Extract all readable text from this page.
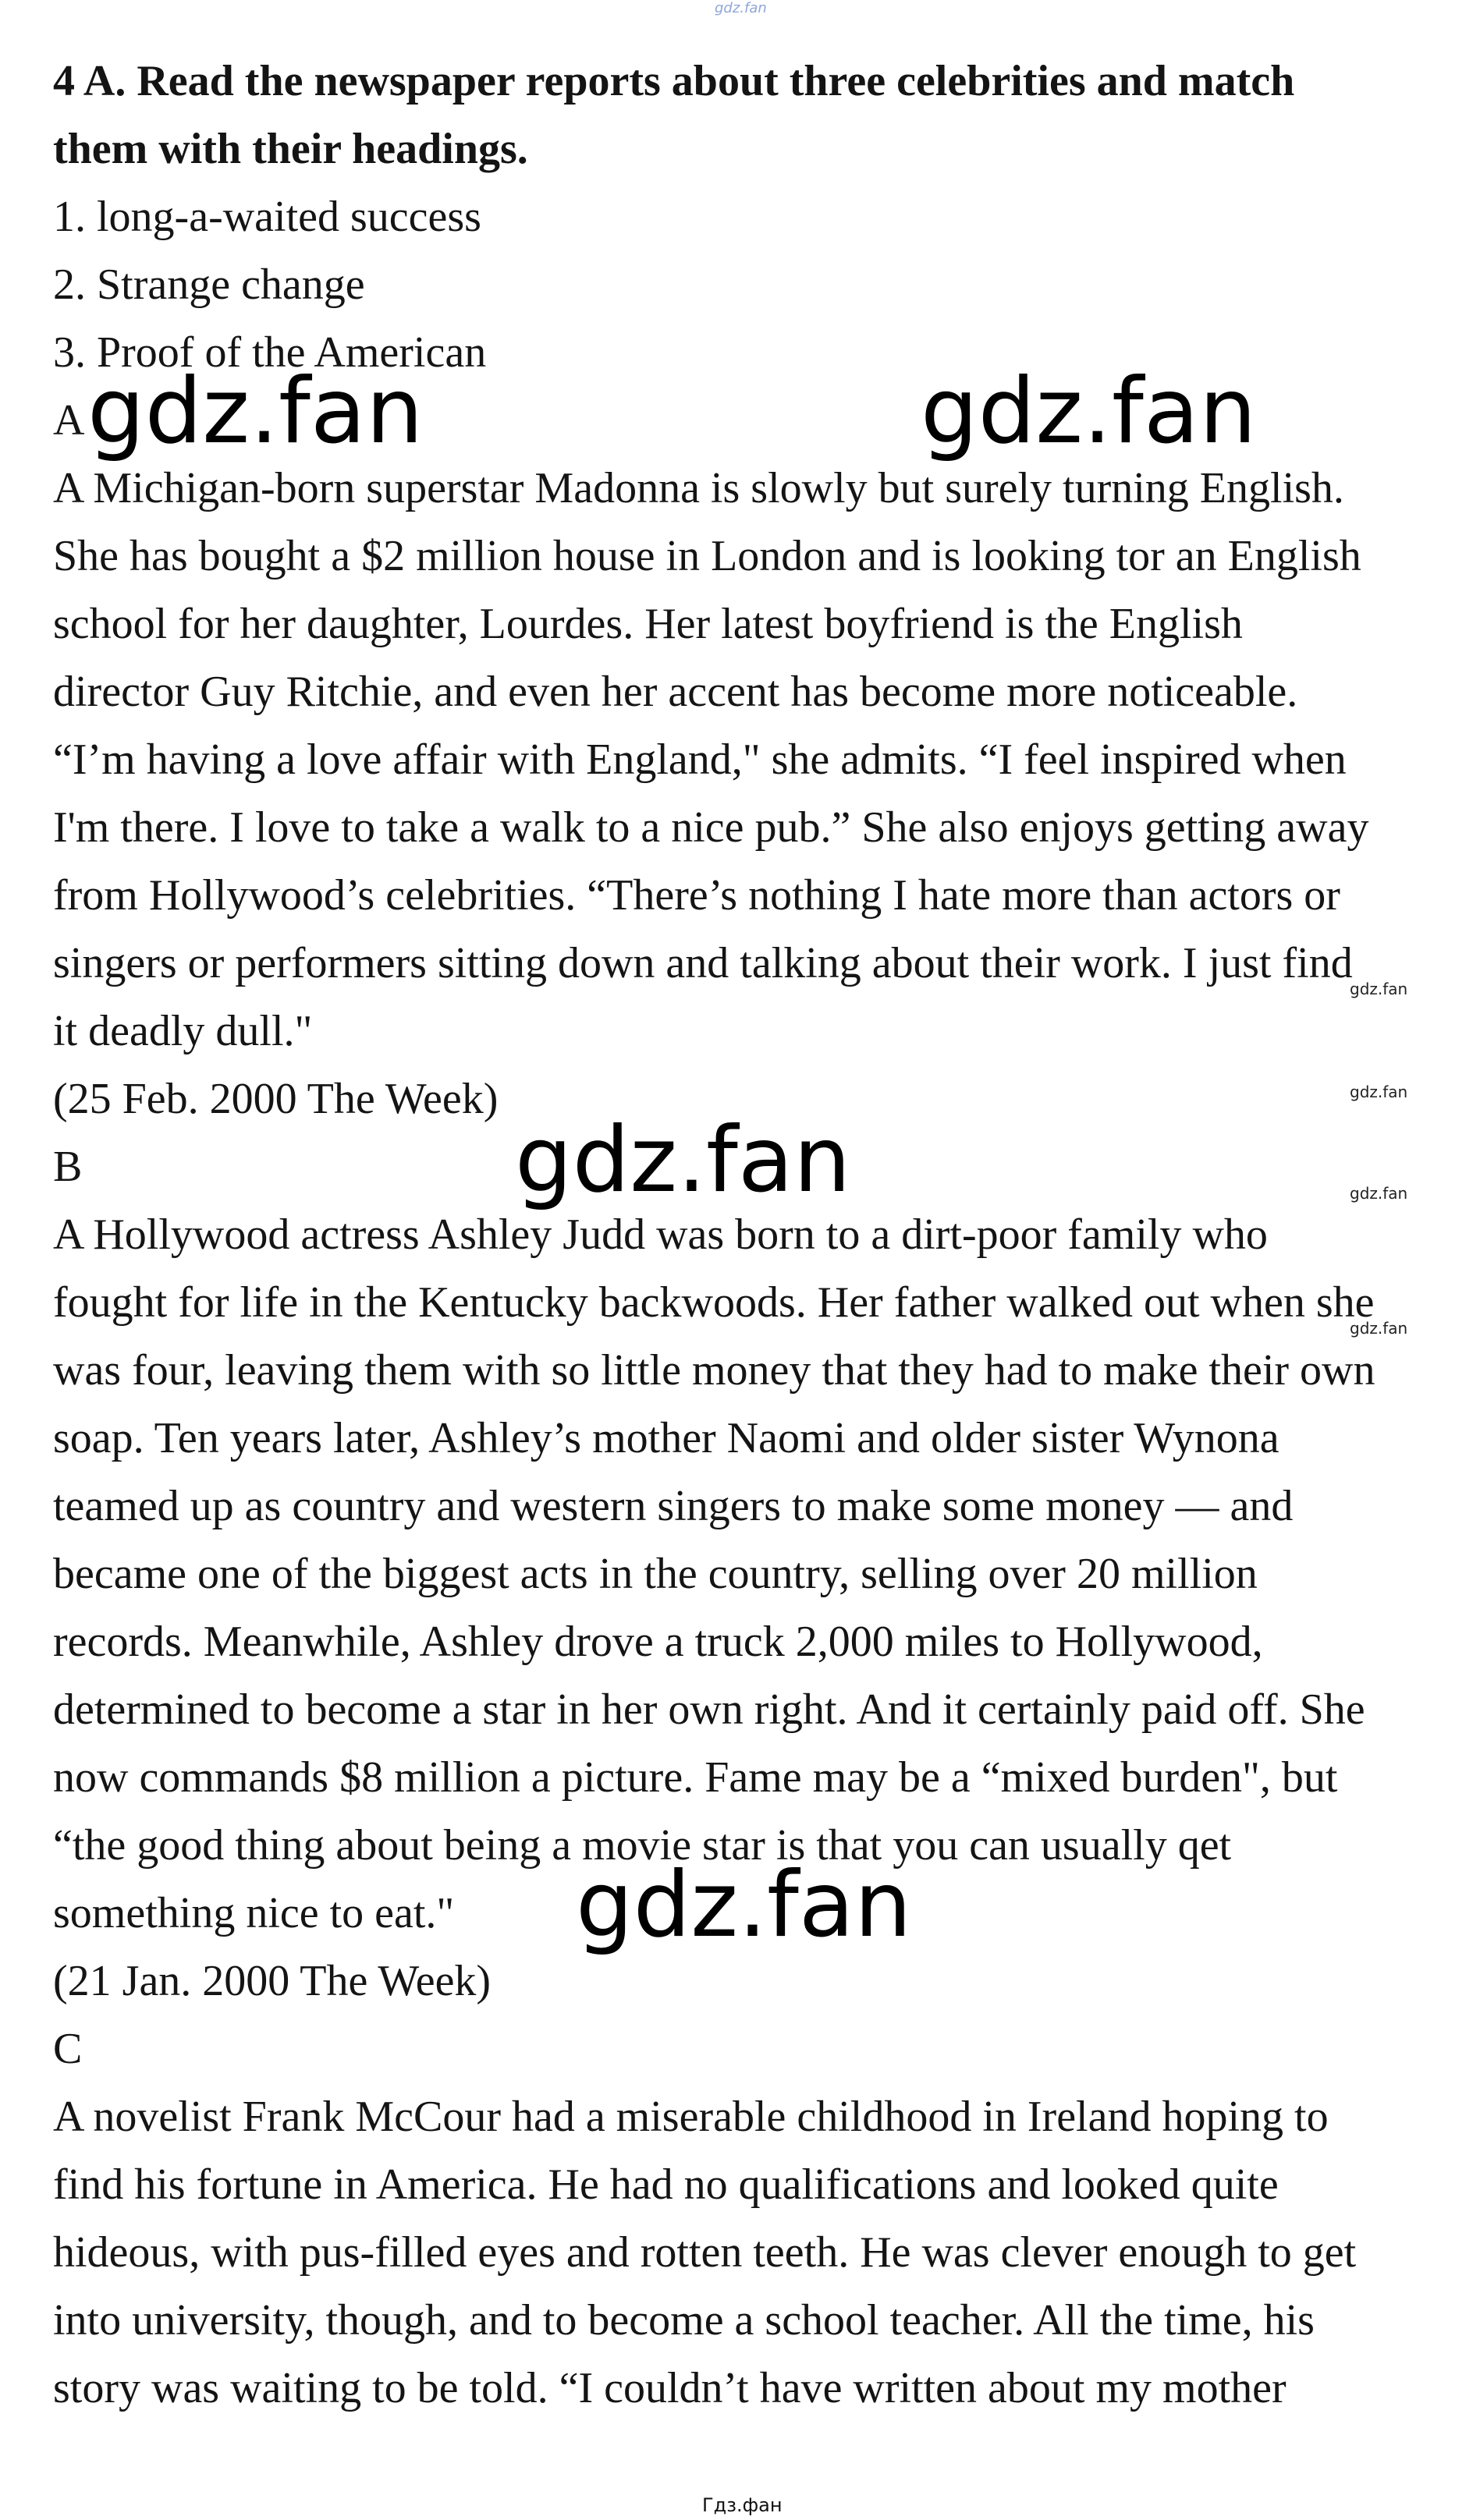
gdz.fan
4 A. Read the newspaper reports about three celebrities and match
them with their headings.
1. long-a-waited success
2. Strange change
3. Proof of the American
A
A Michigan-born superstar Madonna is slowly but surely turning English.
She has bought a $2 million house in London and is looking tor an English
school for her daughter, Lourdes. Her latest boyfriend is the English
director Guy Ritchie, and even her accent has become more noticeable.
“I’m having a love affair with England," she admits. “I feel inspired when
I'm there. I love to take a walk to a nice pub.” She also enjoys getting away
from Hollywood’s celebrities. “There’s nothing I hate more than actors or
singers or performers sitting down and talking about their work. I just find
it deadly dull."
(25 Feb. 2000 The Week)
B
A Hollywood actress Ashley Judd was born to a dirt-poor family who
fought for life in the Kentucky backwoods. Her father walked out when she
was four, leaving them with so little money that they had to make their own
soap. Ten years later, Ashley’s mother Naomi and older sister Wynona
teamed up as country and western singers to make some money — and
became one of the biggest acts in the country, selling over 20 million
records. Meanwhile, Ashley drove a truck 2,000 miles to Hollywood,
determined to become a star in her own right. And it certainly paid off. She
now commands $8 million a picture. Fame may be a “mixed burden", but
“the good thing about being a movie star is that you can usually qet
something nice to eat."
(21 Jan. 2000 The Week)
C
A novelist Frank McCour had a miserable childhood in Ireland hoping to
find his fortune in America. He had no qualifications and looked quite
hideous, with pus-filled eyes and rotten teeth. He was clever enough to get
into university, though, and to become a school teacher. All the time, his
story was waiting to be told. “I couldn’t have written about my mother
gdz.fan	gdz.fan
gdz.fan
gdz.fan
gdz.fan
gdz.fan
gdz.fan
gdz.fan
Гдз.фан
